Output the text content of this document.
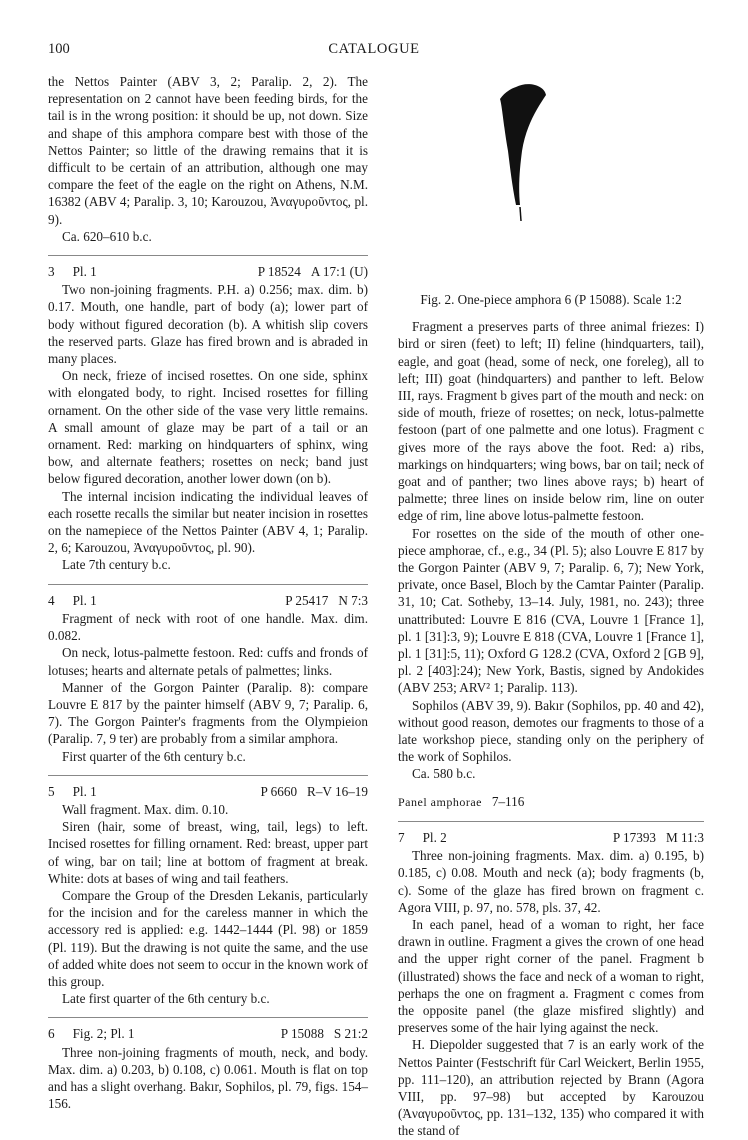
100	CATALOGUE

the Nettos Painter (ABV 3, 2; Paralip. 2, 2). The representation on 2 cannot have been feeding birds, for the tail is in the wrong position: it should be up, not down. Size and shape of this amphora compare best with those of the Nettos Painter; so little of the drawing remains that it is difficult to be certain of an attribution, although one may compare the feet of the eagle on the right on Athens, N.M. 16382 (ABV 4; Paralip. 3, 10; Karouzou, Ἀναγυροῦντος, pl. 9).

Ca. 620–610 b.c.

3 Pl. 1	P 18524 A 17:1 (U)

Two non-joining fragments. P.H. a) 0.256; max. dim. b) 0.17. Mouth, one handle, part of body (a); lower part of body without figured decoration (b). A whitish slip covers the reserved parts. Glaze has fired brown and is abraded in many places.

On neck, frieze of incised rosettes. On one side, sphinx with elongated body, to right. Incised rosettes for filling ornament. On the other side of the vase very little remains. A small amount of glaze may be part of a tail or an ornament. Red: marking on hindquarters of sphinx, wing bow, and alternate feathers; rosettes on neck; band just below figured decoration, another lower down (on b).

The internal incision indicating the individual leaves of each rosette recalls the similar but neater incision in rosettes on the namepiece of the Nettos Painter (ABV 4, 1; Paralip. 2, 6; Karouzou, Ἀναγυροῦντος, pl. 90).

Late 7th century b.c.

4 Pl. 1	P 25417 N 7:3

Fragment of neck with root of one handle. Max. dim. 0.082.

On neck, lotus-palmette festoon. Red: cuffs and fronds of lotuses; hearts and alternate petals of palmettes; links.

Manner of the Gorgon Painter (Paralip. 8): compare Louvre E 817 by the painter himself (ABV 9, 7; Paralip. 6, 7). The Gorgon Painter's fragments from the Olympieion (Paralip. 7, 9 ter) are probably from a similar amphora.

First quarter of the 6th century b.c.

5 Pl. 1	P 6660 R–V 16–19

Wall fragment. Max. dim. 0.10.

Siren (hair, some of breast, wing, tail, legs) to left. Incised rosettes for filling ornament. Red: breast, upper part of wing, bar on tail; line at bottom of fragment at break. White: dots at bases of wing and tail feathers.

Compare the Group of the Dresden Lekanis, particularly for the incision and for the careless manner in which the accessory red is applied: e.g. 1442–1444 (Pl. 98) or 1859 (Pl. 119). But the drawing is not quite the same, and the use of added white does not seem to occur in the known work of this group.

Late first quarter of the 6th century b.c.

6 Fig. 2; Pl. 1	P 15088 S 21:2

Three non-joining fragments of mouth, neck, and body. Max. dim. a) 0.203, b) 0.108, c) 0.061. Mouth is flat on top and has a slight overhang. Bakır, Sophilos, pl. 79, figs. 154–156.

Fig. 2. One-piece amphora 6 (P 15088). Scale 1:2

Fragment a preserves parts of three animal friezes: I) bird or siren (feet) to left; II) feline (hindquarters, tail), eagle, and goat (head, some of neck, one foreleg), all to left; III) goat (hindquarters) and panther to left. Below III, rays. Fragment b gives part of the mouth and neck: on side of mouth, frieze of rosettes; on neck, lotus-palmette festoon (part of one palmette and one lotus). Fragment c gives more of the rays above the foot. Red: a) ribs, markings on hindquarters; wing bows, bar on tail; neck of goat and of panther; two lines above rays; b) heart of palmette; three lines on inside below rim, line on outer edge of rim, line above lotus-palmette festoon.

For rosettes on the side of the mouth of other one-piece amphorae, cf., e.g., 34 (Pl. 5); also Louvre E 817 by the Gorgon Painter (ABV 9, 7; Paralip. 6, 7); New York, private, once Basel, Bloch by the Camtar Painter (Paralip. 31, 10; Cat. Sotheby, 13–14. July, 1981, no. 243); three unattributed: Louvre E 816 (CVA, Louvre 1 [France 1], pl. 1 [31]:3, 9); Louvre E 818 (CVA, Louvre 1 [France 1], pl. 1 [31]:5, 11); Oxford G 128.2 (CVA, Oxford 2 [GB 9], pl. 2 [403]:24); New York, Bastis, signed by Andokides (ABV 253; ARV² 1; Paralip. 113).

Sophilos (ABV 39, 9). Bakır (Sophilos, pp. 40 and 42), without good reason, demotes our fragments to those of a late workshop piece, standing only on the periphery of the work of Sophilos.

Ca. 580 b.c.

Panel amphorae 7–116
7 Pl. 2	P 17393 M 11:3

Three non-joining fragments. Max. dim. a) 0.195, b) 0.185, c) 0.08. Mouth and neck (a); body fragments (b, c). Some of the glaze has fired brown on fragment c. Agora VIII, p. 97, no. 578, pls. 37, 42.

In each panel, head of a woman to right, her face drawn in outline. Fragment a gives the crown of one head and the upper right corner of the panel. Fragment b (illustrated) shows the face and neck of a woman to right, perhaps the one on fragment a. Fragment c comes from the opposite panel (the glaze misfired slightly) and preserves some of the hair lying against the neck.

H. Diepolder suggested that 7 is an early work of the Nettos Painter (Festschrift für Carl Weickert, Berlin 1955, pp. 111–120), an attribution rejected by Brann (Agora VIII, pp. 97–98) but accepted by Karouzou (Ἀναγυροῦντος, pp. 131–132, 135) who compared it with the stand of
